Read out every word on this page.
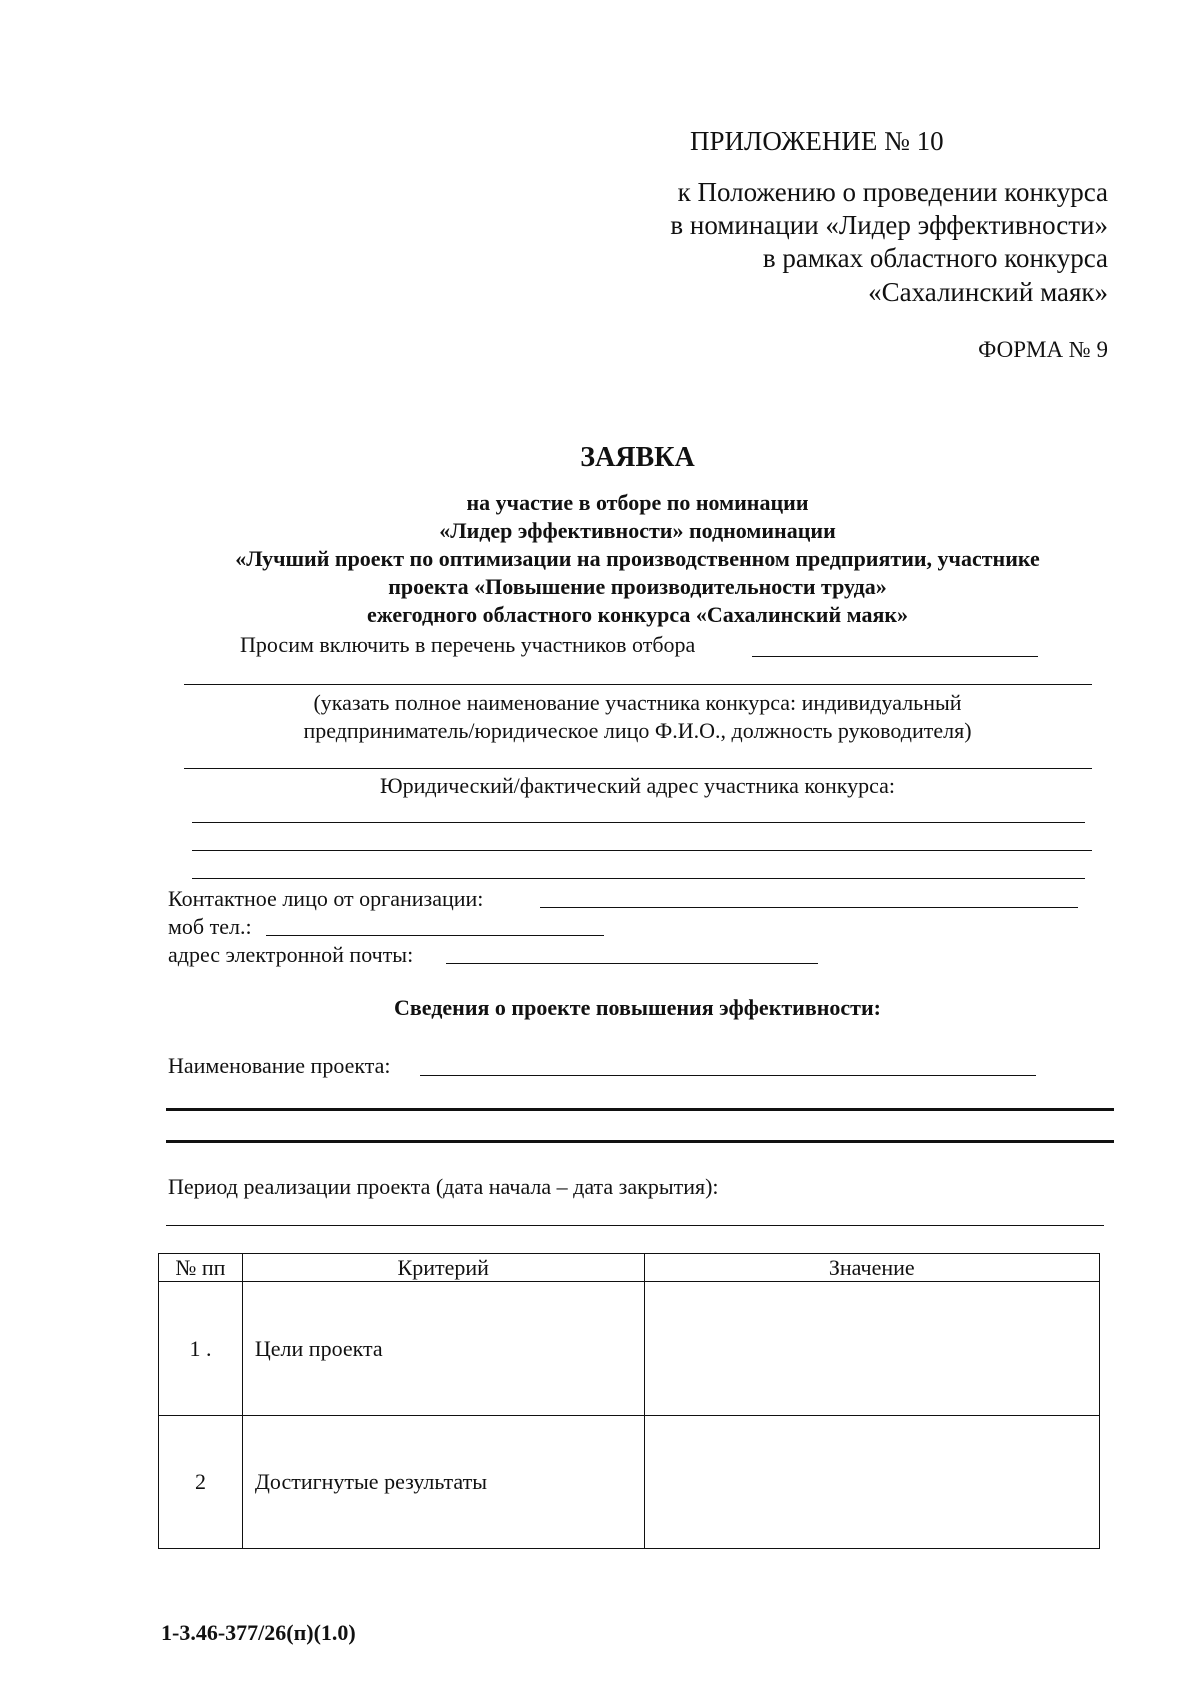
ПРИЛОЖЕНИЕ № 10
к Положению о проведении конкурса
в номинации «Лидер эффективности»
в рамках областного конкурса
«Сахалинский маяк»
ФОРМА № 9
ЗАЯВКА
на участие в отборе по номинации
«Лидер эффективности» подноминации
«Лучший проект по оптимизации на производственном предприятии, участнике
проекта «Повышение производительности труда»
ежегодного областного конкурса «Сахалинский маяк»
Просим включить в перечень участников отбора
(указать полное наименование участника конкурса: индивидуальный
предприниматель/юридическое лицо Ф.И.О., должность руководителя)
Юридический/фактический адрес участника конкурса:
Контактное лицо от организации:
моб тел.:
адрес электронной почты:
Сведения о проекте повышения эффективности:
Наименование проекта:
Период реализации проекта (дата начала – дата закрытия):
№ пп	Критерий	Значение
1 .	Цели проекта	
2	Достигнутые результаты	
1-3.46-377/26(п)(1.0)
